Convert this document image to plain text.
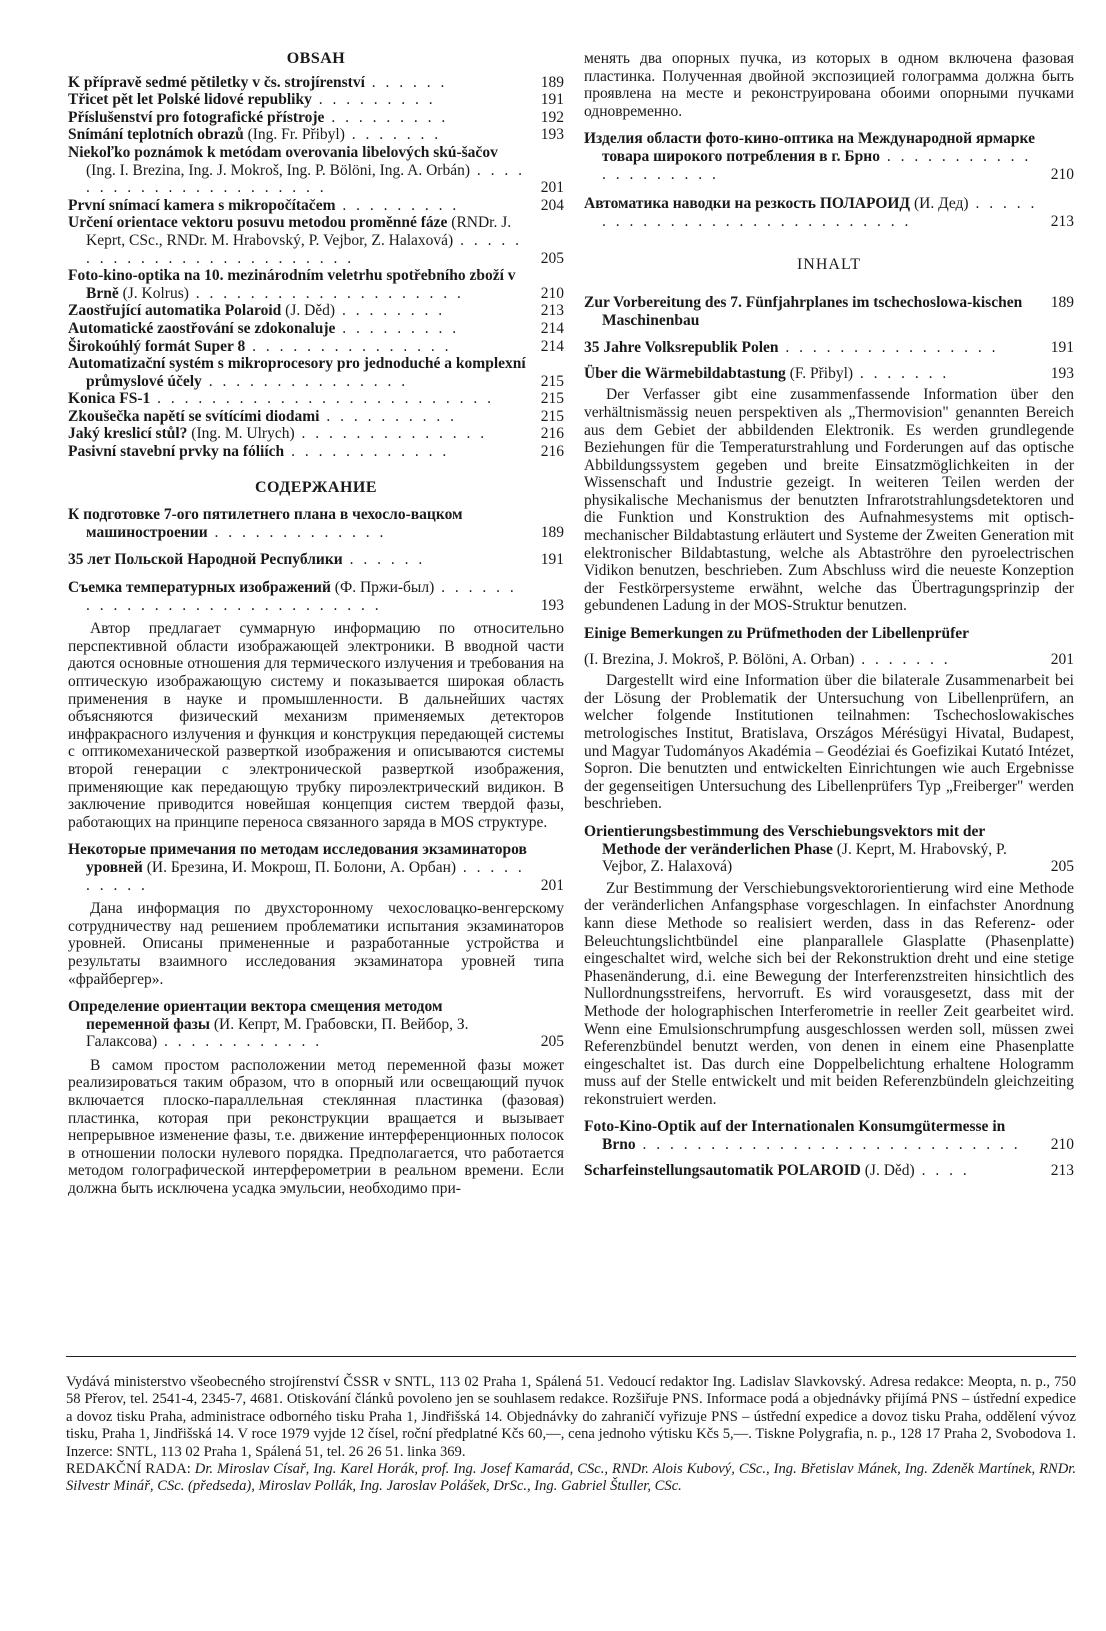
OBSAH
K přípravě sedmé pětiletky v čs. strojírenství . . . . . .	189
Třicet pět let Polské lidové republiky . . . . . . . . .	191
Příslušenství pro fotografické přístroje . . . . . . . . .	192
Snímání teplotních obrazů (Ing. Fr. Přibyl) . . . . . . .	193
Niekoľko poznámok k metódam overovania libelových skú-šačov (Ing. I. Brezina, Ing. J. Mokroš, Ing. P. Bölöni, Ing. A. Orbán) . . . . . . . . . . . . . . . . . . . . . .	201
První snímací kamera s mikropočítačem . . . . . . . . .	204
Určení orientace vektoru posuvu metodou proměnné fáze (RNDr. J. Keprt, CSc., RNDr. M. Hrabovský, P. Vejbor, Z. Halaxová) . . . . . . . . . . . . . . . . . . . . . . . . .	205
Foto-kino-optika na 10. mezinárodním veletrhu spotřebního zboží v Brně (J. Kolrus) . . . . . . . . . . . . . . . . . . . .	210
Zaostřující automatika Polaroid (J. Děd) . . . . . . . .	213
Automatické zaostřování se zdokonaluje . . . . . . . . .	214
Širokoúhlý formát Super 8 . . . . . . . . . . . . . . .	214
Automatizační systém s mikroprocesory pro jednoduché a komplexní průmyslové účely . . . . . . . . . . . . . . .	215
Konica FS-1 . . . . . . . . . . . . . . . . . . . . . . . . .	215
Zkoušečka napětí se svítícími diodami . . . . . . . . . .	215
Jaký kreslicí stůl? (Ing. M. Ulrych) . . . . . . . . . . . . . .	216
Pasivní stavební prvky na fóliích . . . . . . . . . . . .	216
СОДЕРЖАНИЕ
К подготовке 7-ого пятилетнего плана в чехосло-вацком машиностроении . . . . . . . . . . . . .	189
35 лет Польской Народной Республики . . . . . .	191
Съемка температурных изображений (Ф. Пржи-был) . . . . . . . . . . . . . . . . . . . . . . . . . . . .	193

Автор предлагает суммарную информацию по относительно перспективной области изображающей электроники. В вводной части даются основные отношения для термического излучения и требования на оптическую изображающую систему и показывается широкая область применения в науке и промышленности. В дальнейших частях объясняются физический механизм применяемых детекторов инфракрасного излучения и функция и конструкция передающей системы с оптикомеханической разверткой изображения и описываются системы второй генерации с электронической разверткой изображения, применяющие как передающую трубку пироэлектрический видикон. В заключение приводится новейшая концепция систем твердой фазы, работающих на принципе переноса связанного заряда в MOS структуре.

Некоторые примечания по методам исследования экзаминаторов уровней (И. Брезина, И. Мокрош, П. Болони, А. Орбан) . . . . . . . . . .	201

Дана информация по двухсторонному чехословацко-венгерскому сотрудничеству над решением проблематики испытания экзаминаторов уровней. Описаны примененные и разработанные устройства и результаты взаимного исследования экзаминатора уровней типа «фрайбергер».

Определение ориентации вектора смещения методом переменной фазы (И. Кепрт, М. Грабовски, П. Вейбор, З. Галаксова) . . . . . . . . . . . .	205

В самом простом расположении метод переменной фазы может реализироваться таким образом, что в опорный или освещающий пучок включается плоско-параллельная стеклянная пластинка (фазовая) пластинка, которая при реконструкции вращается и вызывает непрерывное изменение фазы, т.е. движение интерференционных полосок в отношении полоски нулевого порядка. Предполагается, что работается методом голографической интерферометрии в реальном времени. Если должна быть исключена усадка эмульсии, необходимо при-

менять два опорных пучка, из которых в одном включена фазовая пластинка. Полученная двойной экспозицией голограмма должна быть проявлена на месте и реконструирована обоими опорными пучками одновременно.

Изделия области фото-кино-оптика на Международной ярмарке товара широкого потребления в г. Брно . . . . . . . . . . . . . . . . . . . .	210
Автоматика наводки на резкость ПОЛАРОИД (И. Дед) . . . . . . . . . . . . . . . . . . . . . . . . . . . .	213
INHALT
Zur Vorbereitung des 7. Fünfjahrplanes im tschechoslowa-kischen Maschinenbau
189
35 Jahre Volksrepublik Polen . . . . . . . . . . . . . . . .	191
Über die Wärmebildabtastung (F. Přibyl) . . . . . . .	193

Der Verfasser gibt eine zusammenfassende Information über den verhältnismässig neuen perspektiven als „Thermovision" genannten Bereich aus dem Gebiet der abbildenden Elektronik. Es werden grundlegende Beziehungen für die Temperaturstrahlung und Forderungen auf das optische Abbildungssystem gegeben und breite Einsatzmöglichkeiten in der Wissenschaft und Industrie gezeigt. In weiteren Teilen werden der physikalische Mechanismus der benutzten Infrarotstrahlungsdetektoren und die Funktion und Konstruktion des Aufnahmesystems mit optisch-mechanischer Bildabtastung erläutert und Systeme der Zweiten Generation mit elektronischer Bildabtastung, welche als Abtaströhre den pyroelectrischen Vidikon benutzen, beschrieben. Zum Abschluss wird die neueste Konzeption der Festkörpersysteme erwähnt, welche das Übertragungsprinzip der gebundenen Ladung in der MOS-Struktur benutzen.

Einige Bemerkungen zu Prüfmethoden der Libellenprüfer
(I. Brezina, J. Mokroš, P. Bölöni, A. Orban) . . . . . . .	201

Dargestellt wird eine Information über die bilaterale Zusammenarbeit bei der Lösung der Problematik der Untersuchung von Libellenprüfern, an welcher folgende Institutionen teilnahmen: Tschechoslowakisches metrologisches Institut, Bratislava, Országos Mérésügyi Hivatal, Budapest, und Magyar Tudományos Akadémia – Geodéziai és Goefizikai Kutató Intézet, Sopron. Die benutzten und entwickelten Einrichtungen wie auch Ergebnisse der gegenseitigen Untersuchung des Libellenprüfers Typ „Freiberger" werden beschrieben.

Orientierungsbestimmung des Verschiebungsvektors mit der Methode der veränderlichen Phase (J. Keprt, M. Hrabovský, P. Vejbor, Z. Halaxová)	205

Zur Bestimmung der Verschiebungsvektororientierung wird eine Methode der veränderlichen Anfangsphase vorgeschlagen. In einfachster Anordnung kann diese Methode so realisiert werden, dass in das Referenz- oder Beleuchtungslichtbündel eine planparallele Glasplatte (Phasenplatte) eingeschaltet wird, welche sich bei der Rekonstruktion dreht und eine stetige Phasenänderung, d.i. eine Bewegung der Interferenzstreiten hinsichtlich des Nullordnungsstreifens, hervorruft. Es wird vorausgesetzt, dass mit der Methode der holographischen Interferometrie in reeller Zeit gearbeitet wird. Wenn eine Emulsionschrumpfung ausgeschlossen werden soll, müssen zwei Referenzbündel benutzt werden, von denen in einem eine Phasenplatte eingeschaltet ist. Das durch eine Doppelbelichtung erhaltene Hologramm muss auf der Stelle entwickelt und mit beiden Referenzbündeln gleichzeiting rekonstruiert werden.

Foto-Kino-Optik auf der Internationalen Konsumgütermesse in Brno . . . . . . . . . . . . . . . . . . . . . . . . . . . .	210
Scharfeinstellungsautomatik POLAROID (J. Děd) . . . .	213
Vydává ministerstvo všeobecného strojírenství ČSSR v SNTL, 113 02 Praha 1, Spálená 51. Vedoucí redaktor Ing. Ladislav Slavkovský. Adresa redakce: Meopta, n. p., 750 58 Přerov, tel. 2541-4, 2345-7, 4681. Otiskování článků povoleno jen se souhlasem redakce. Rozšiřuje PNS. Informace podá a objednávky přijímá PNS – ústřední expedice a dovoz tisku Praha, administrace odborného tisku Praha 1, Jindřišská 14. Objednávky do zahraničí vyřizuje PNS – ústřední expedice a dovoz tisku Praha, oddělení vývoz tisku, Praha 1, Jindřišská 14. V roce 1979 vyjde 12 čísel, roční předplatné Kčs 60,—, cena jednoho výtisku Kčs 5,—. Tiskne Polygrafia, n. p., 128 17 Praha 2, Svobodova 1. Inzerce: SNTL, 113 02 Praha 1, Spálená 51, tel. 26 26 51. linka 369.
REDAKČNÍ RADA: Dr. Miroslav Císař, Ing. Karel Horák, prof. Ing. Josef Kamarád, CSc., RNDr. Alois Kubový, CSc., Ing. Břetislav Mánek, Ing. Zdeněk Martínek, RNDr. Silvestr Minář, CSc. (předseda), Miroslav Pollák, Ing. Jaroslav Polášek, DrSc., Ing. Gabriel Štuller, CSc.
